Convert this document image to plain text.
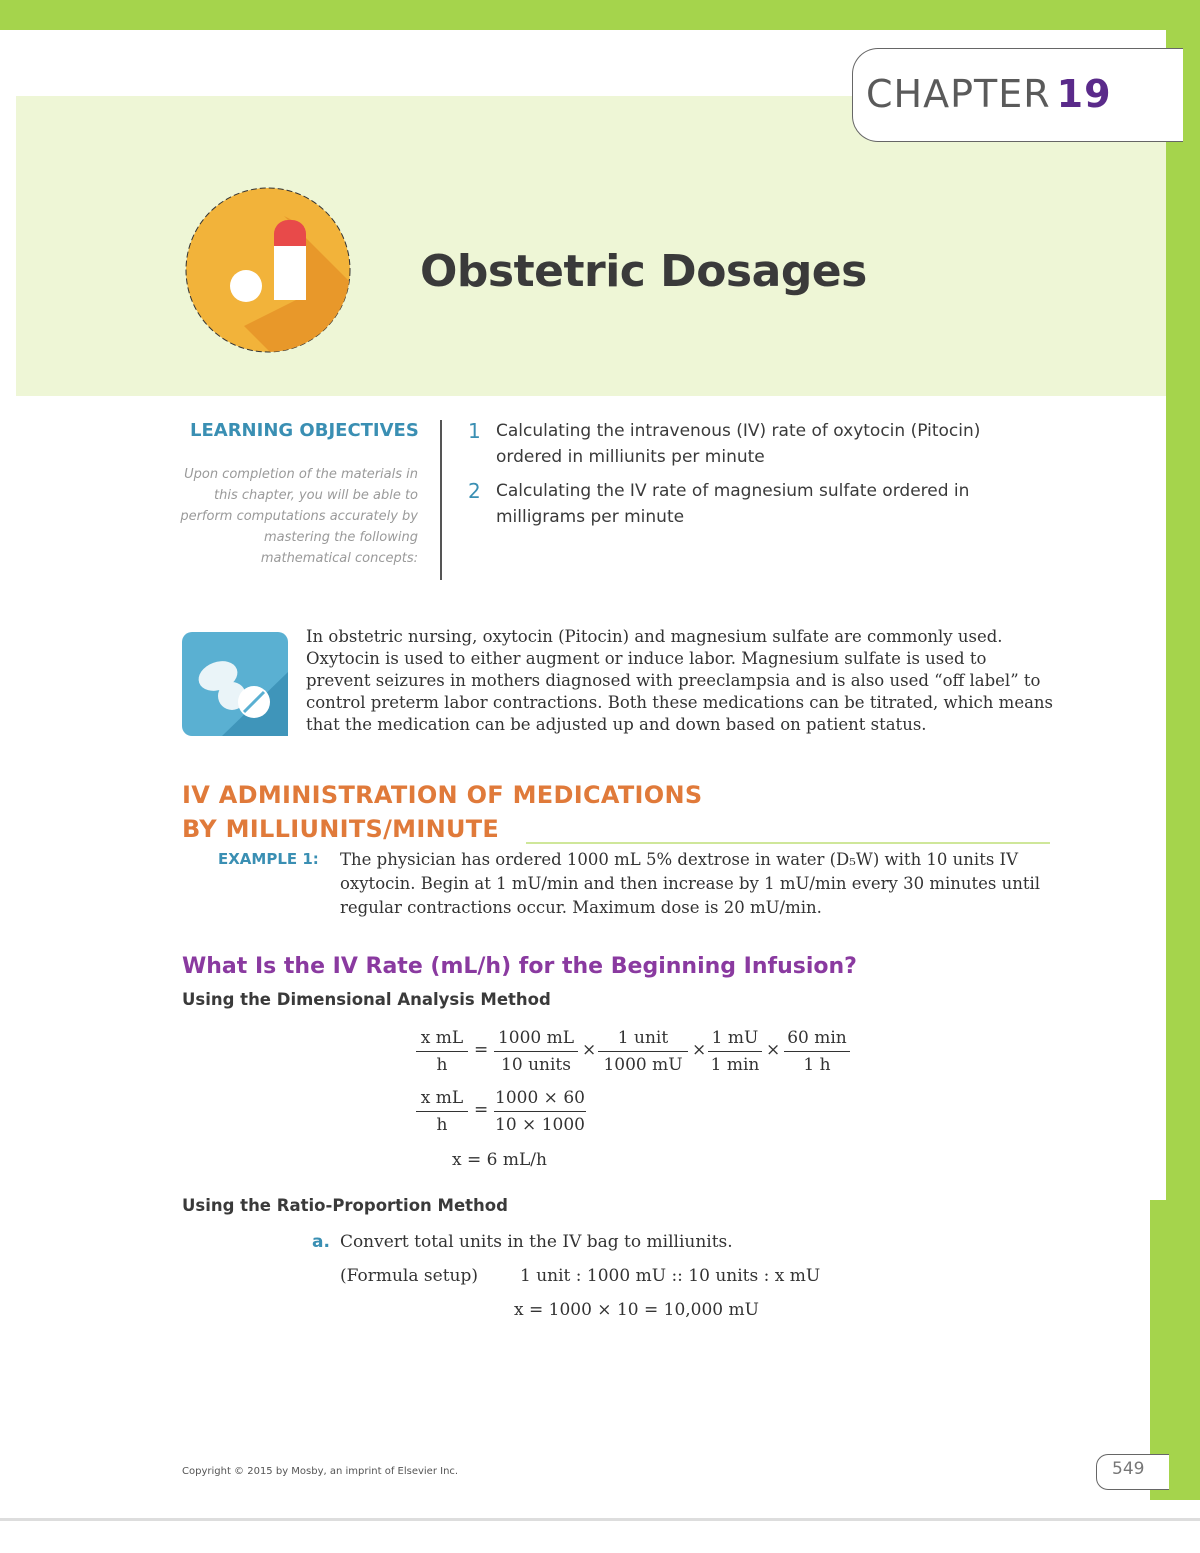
CHAPTER 19
Obstetric Dosages
LEARNING OBJECTIVES
Upon completion of the materials in this chapter, you will be able to perform computations accurately by mastering the following mathematical concepts:
1 Calculating the intravenous (IV) rate of oxytocin (Pitocin) ordered in milliunits per minute
2 Calculating the IV rate of magnesium sulfate ordered in milligrams per minute
In obstetric nursing, oxytocin (Pitocin) and magnesium sulfate are commonly used. Oxytocin is used to either augment or induce labor. Magnesium sulfate is used to prevent seizures in mothers diagnosed with preeclampsia and is also used “off label” to control preterm labor contractions. Both these medications can be titrated, which means that the medication can be adjusted up and down based on patient status.
IV ADMINISTRATION OF MEDICATIONS
BY MILLIUNITS/MINUTE
EXAMPLE 1: The physician has ordered 1000 mL 5% dextrose in water (D₅W) with 10 units IV oxytocin. Begin at 1 mU/min and then increase by 1 mU/min every 30 minutes until regular contractions occur. Maximum dose is 20 mU/min.
What Is the IV Rate (mL/h) for the Beginning Infusion?
Using the Dimensional Analysis Method
$\frac{\text{x mL}}{h}$ =
1000 mL
10 units
×
1 unit
1000 mU
×
1 mU
1 min
×
60 min
1 h
$\frac{\text{x mL}}{h} = \frac{1000 \times 60}{10 \times 1000}$
x = 6 mL/h
Using the Ratio-Proportion Method
a. Convert total units in the IV bag to milliunits.
(Formula setup) 1 unit : 1000 mU :: 10 units : x mU
x = 1000 × 10 = 10,000 mU
Copyright © 2015 by Mosby, an imprint of Elsevier Inc.	549
